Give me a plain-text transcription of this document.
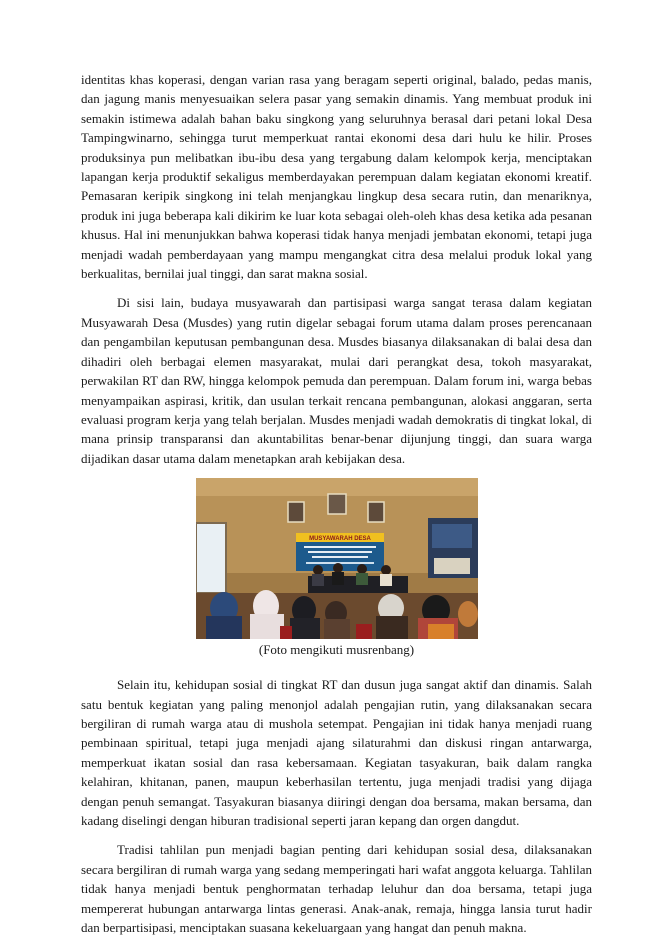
identitas khas koperasi, dengan varian rasa yang beragam seperti original, balado, pedas manis, dan jagung manis menyesuaikan selera pasar yang semakin dinamis. Yang membuat produk ini semakin istimewa adalah bahan baku singkong yang seluruhnya berasal dari petani lokal Desa Tampingwinarno, sehingga turut memperkuat rantai ekonomi desa dari hulu ke hilir. Proses produksinya pun melibatkan ibu-ibu desa yang tergabung dalam kelompok kerja, menciptakan lapangan kerja produktif sekaligus memberdayakan perempuan dalam kegiatan ekonomi kreatif. Pemasaran keripik singkong ini telah menjangkau lingkup desa secara rutin, dan menariknya, produk ini juga beberapa kali dikirim ke luar kota sebagai oleh-oleh khas desa ketika ada pesanan khusus. Hal ini menunjukkan bahwa koperasi tidak hanya menjadi jembatan ekonomi, tetapi juga menjadi wadah pemberdayaan yang mampu mengangkat citra desa melalui produk lokal yang berkualitas, bernilai jual tinggi, dan sarat makna sosial.

Di sisi lain, budaya musyawarah dan partisipasi warga sangat terasa dalam kegiatan Musyawarah Desa (Musdes) yang rutin digelar sebagai forum utama dalam proses perencanaan dan pengambilan keputusan pembangunan desa. Musdes biasanya dilaksanakan di balai desa dan dihadiri oleh berbagai elemen masyarakat, mulai dari perangkat desa, tokoh masyarakat, perwakilan RT dan RW, hingga kelompok pemuda dan perempuan. Dalam forum ini, warga bebas menyampaikan aspirasi, kritik, dan usulan terkait rencana pembangunan, alokasi anggaran, serta evaluasi program kerja yang telah berjalan. Musdes menjadi wadah demokratis di tingkat lokal, di mana prinsip transparansi dan akuntabilitas benar-benar dijunjung tinggi, dan suara warga dijadikan dasar utama dalam menetapkan arah kebijakan desa.

MUSYAWARAH DESA
(Foto mengikuti musrenbang)

Selain itu, kehidupan sosial di tingkat RT dan dusun juga sangat aktif dan dinamis. Salah satu bentuk kegiatan yang paling menonjol adalah pengajian rutin, yang dilaksanakan secara bergiliran di rumah warga atau di mushola setempat. Pengajian ini tidak hanya menjadi ruang pembinaan spiritual, tetapi juga menjadi ajang silaturahmi dan diskusi ringan antarwarga, memperkuat ikatan sosial dan rasa kebersamaan. Kegiatan tasyakuran, baik dalam rangka kelahiran, khitanan, panen, maupun keberhasilan tertentu, juga menjadi tradisi yang dijaga dengan penuh semangat. Tasyakuran biasanya diiringi dengan doa bersama, makan bersama, dan kadang diselingi dengan hiburan tradisional seperti jaran kepang dan orgen dangdut.

Tradisi tahlilan pun menjadi bagian penting dari kehidupan sosial desa, dilaksanakan secara bergiliran di rumah warga yang sedang memperingati hari wafat anggota keluarga. Tahlilan tidak hanya menjadi bentuk penghormatan terhadap leluhur dan doa bersama, tetapi juga mempererat hubungan antarwarga lintas generasi. Anak-anak, remaja, hingga lansia turut hadir dan berpartisipasi, menciptakan suasana kekeluargaan yang hangat dan penuh makna.
